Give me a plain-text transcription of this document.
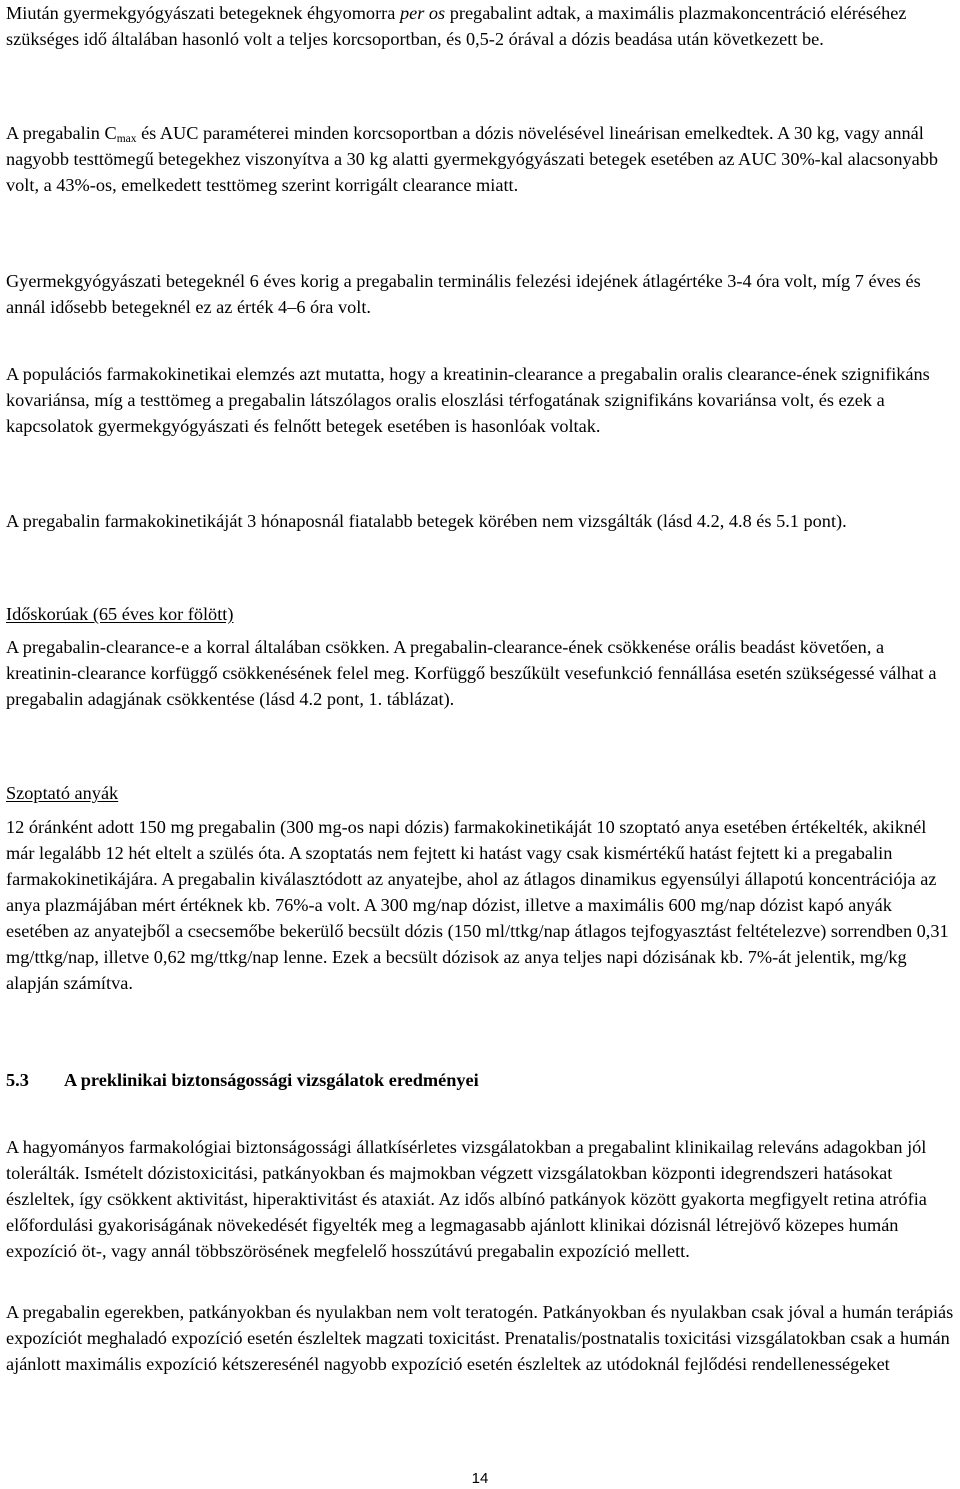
Miután gyermekgyógyászati betegeknek éhgyomorra per os pregabalint adtak, a maximális plazmakoncentráció eléréséhez szükséges idő általában hasonló volt a teljes korcsoportban, és 0,5-2 órával a dózis beadása után következett be.

A pregabalin $C_{max}$ és AUC paraméterei minden korcsoportban a dózis növelésével lineárisan emelkedtek. A 30 kg, vagy annál nagyobb testtömegű betegekhez viszonyítva a 30 kg alatti gyermekgyógyászati betegek esetében az AUC 30%-kal alacsonyabb volt, a 43%-os, emelkedett testtömeg szerint korrigált clearance miatt.

Gyermekgyógyászati betegeknél 6 éves korig a pregabalin terminális felezési idejének átlagértéke 3-4 óra volt, míg 7 éves és annál idősebb betegeknél ez az érték 4–6 óra volt.

A populációs farmakokinetikai elemzés azt mutatta, hogy a kreatinin-clearance a pregabalin oralis clearance-ének szignifikáns kovariánsa, míg a testtömeg a pregabalin látszólagos oralis eloszlási térfogatának szignifikáns kovariánsa volt, és ezek a kapcsolatok gyermekgyógyászati és felnőtt betegek esetében is hasonlóak voltak.

A pregabalin farmakokinetikáját 3 hónaposnál fiatalabb betegek körében nem vizsgálták (lásd 4.2, 4.8 és 5.1 pont).

Időskorúak (65 éves kor fölött)

A pregabalin-clearance-e a korral általában csökken. A pregabalin-clearance-ének csökkenése orális beadást követően, a kreatinin-clearance korfüggő csökkenésének felel meg. Korfüggő beszűkült vesefunkció fennállása esetén szükségessé válhat a pregabalin adagjának csökkentése (lásd 4.2 pont, 1. táblázat).

Szoptató anyák

12 óránként adott 150 mg pregabalin (300 mg-os napi dózis) farmakokinetikáját 10 szoptató anya esetében értékelték, akiknél már legalább 12 hét eltelt a szülés óta. A szoptatás nem fejtett ki hatást vagy csak kismértékű hatást fejtett ki a pregabalin farmakokinetikájára. A pregabalin kiválasztódott az anyatejbe, ahol az átlagos dinamikus egyensúlyi állapotú koncentrációja az anya plazmájában mért értéknek kb. 76%-a volt. A 300 mg/nap dózist, illetve a maximális 600 mg/nap dózist kapó anyák esetében az anyatejből a csecsemőbe bekerülő becsült dózis (150 ml/ttkg/nap átlagos tejfogyasztást feltételezve) sorrendben 0,31 mg/ttkg/nap, illetve 0,62 mg/ttkg/nap lenne. Ezek a becsült dózisok az anya teljes napi dózisának kb. 7%-át jelentik, mg/kg alapján számítva.

5.3 A preklinikai biztonságossági vizsgálatok eredményei

A hagyományos farmakológiai biztonságossági állatkísérletes vizsgálatokban a pregabalint klinikailag releváns adagokban jól tolerálták. Ismételt dózistoxicitási, patkányokban és majmokban végzett vizsgálatokban központi idegrendszeri hatásokat észleltek, így csökkent aktivitást, hiperaktivitást és ataxiát. Az idős albínó patkányok között gyakorta megfigyelt retina atrófia előfordulási gyakoriságának növekedését figyelték meg a legmagasabb ajánlott klinikai dózisnál létrejövő közepes humán expozíció öt-, vagy annál többszörösének megfelelő hosszútávú pregabalin expozíció mellett.

A pregabalin egerekben, patkányokban és nyulakban nem volt teratogén. Patkányokban és nyulakban csak jóval a humán terápiás expozíciót meghaladó expozíció esetén észleltek magzati toxicitást. Prenatalis/postnatalis toxicitási vizsgálatokban csak a humán ajánlott maximális expozíció kétszeresénél nagyobb expozíció esetén észleltek az utódoknál fejlődési rendellenességeket

14
